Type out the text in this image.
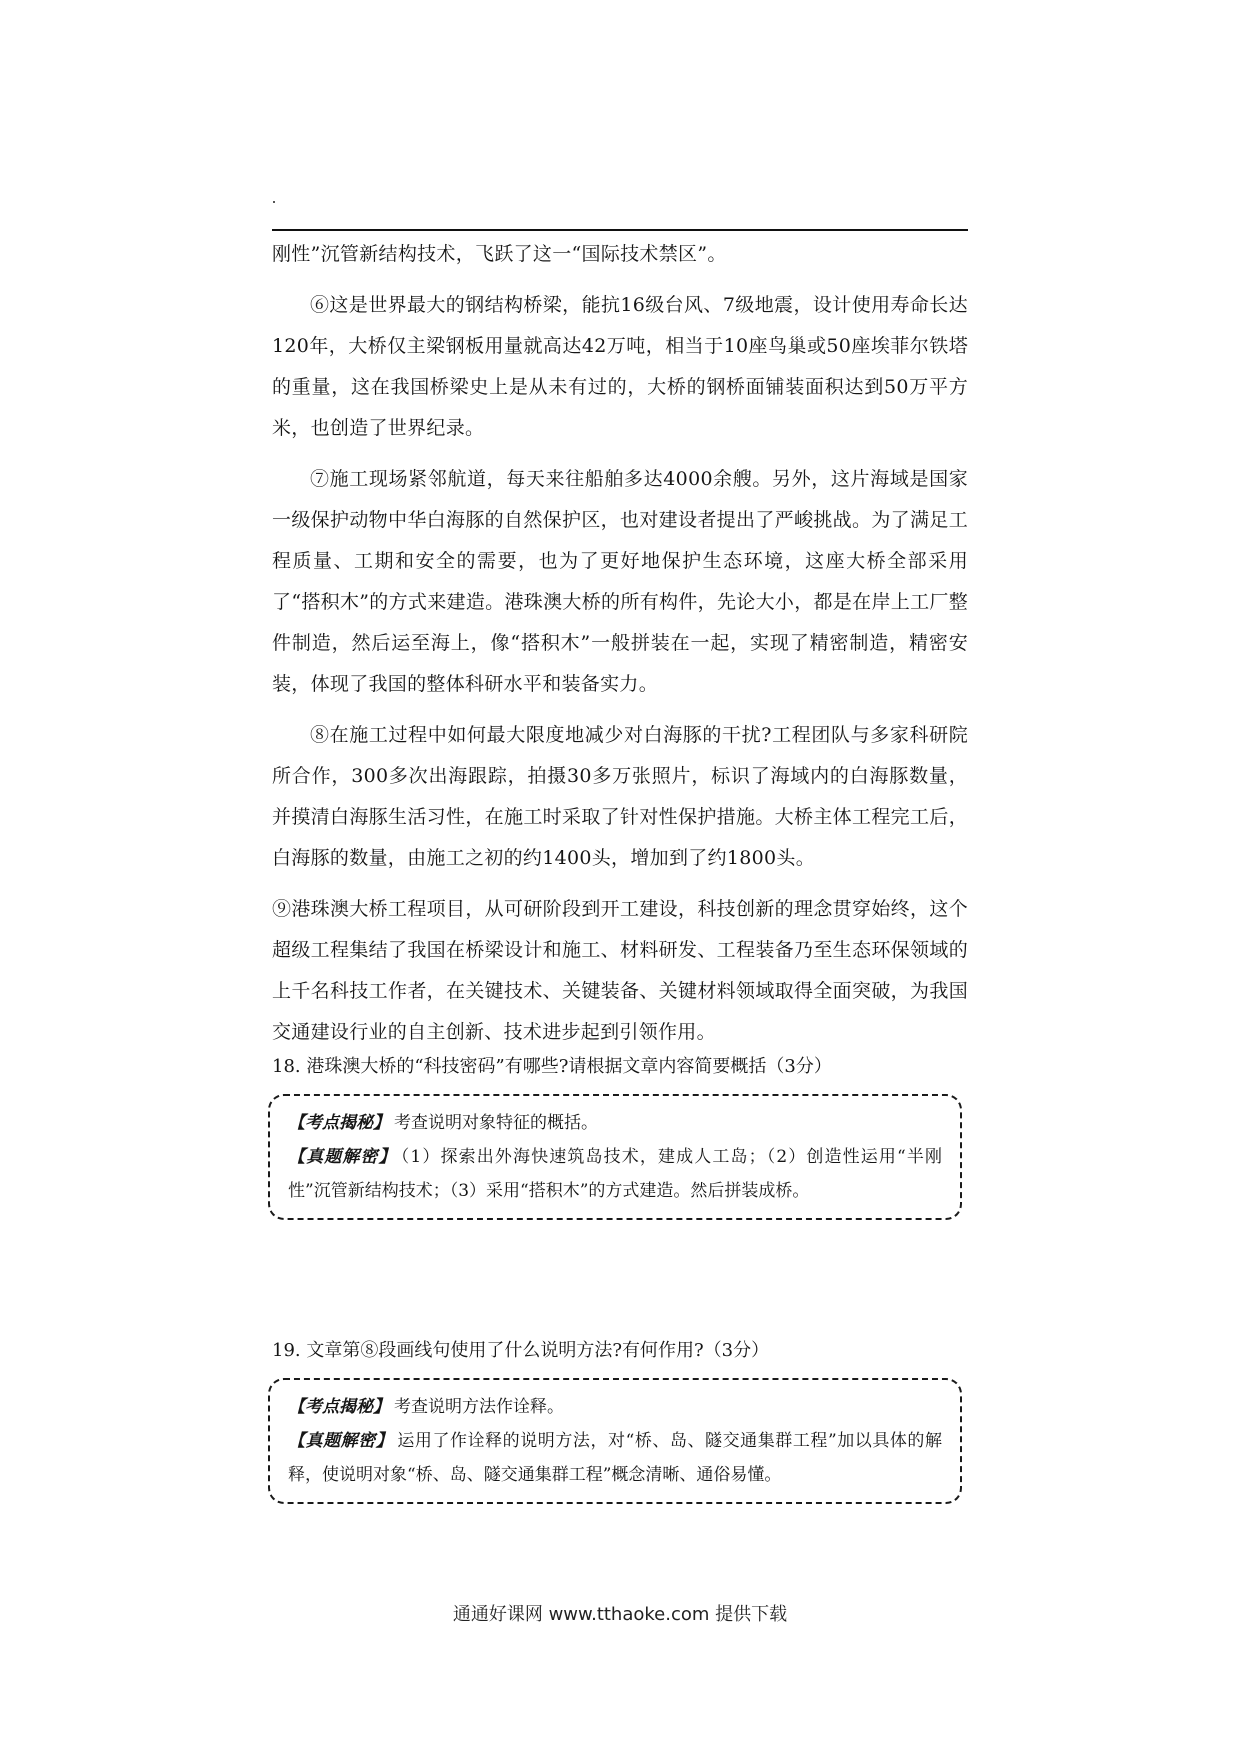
刚性”沉管新结构技术，飞跃了这一“国际技术禁区”。

⑥这是世界最大的钢结构桥梁，能抗16级台风、7级地震，设计使用寿命长达120年，大桥仅主梁钢板用量就高达42万吨，相当于10座鸟巢或50座埃菲尔铁塔的重量，这在我国桥梁史上是从未有过的，大桥的钢桥面铺装面积达到50万平方米，也创造了世界纪录。

⑦施工现场紧邻航道，每天来往船舶多达4000余艘。另外，这片海域是国家一级保护动物中华白海豚的自然保护区，也对建设者提出了严峻挑战。为了满足工程质量、工期和安全的需要，也为了更好地保护生态环境，这座大桥全部采用了“搭积木”的方式来建造。港珠澳大桥的所有构件，先论大小，都是在岸上工厂整件制造，然后运至海上，像“搭积木”一般拼装在一起，实现了精密制造，精密安装，体现了我国的整体科研水平和装备实力。

⑧在施工过程中如何最大限度地减少对白海豚的干扰?工程团队与多家科研院所合作，300多次出海跟踪，拍摄30多万张照片，标识了海域内的白海豚数量，并摸清白海豚生活习性，在施工时采取了针对性保护措施。大桥主体工程完工后，白海豚的数量，由施工之初的约1400头，增加到了约1800头。

⑨港珠澳大桥工程项目，从可研阶段到开工建设，科技创新的理念贯穿始终，这个超级工程集结了我国在桥梁设计和施工、材料研发、工程装备乃至生态环保领域的上千名科技工作者，在关键技术、关键装备、关键材料领域取得全面突破，为我国交通建设行业的自主创新、技术进步起到引领作用。

18. 港珠澳大桥的“科技密码”有哪些?请根据文章内容简要概括（3分）

【考点揭秘】 考查说明对象特征的概括。

【真题解密】 （1）探索出外海快速筑岛技术，建成人工岛；（2）创造性运用“半刚性”沉管新结构技术；（3）采用“搭积木”的方式建造。然后拼装成桥。

19. 文章第⑧段画线句使用了什么说明方法?有何作用?（3分）

【考点揭秘】 考查说明方法作诠释。

【真题解密】 运用了作诠释的说明方法，对“桥、岛、隧交通集群工程”加以具体的解释，使说明对象“桥、岛、隧交通集群工程”概念清晰、通俗易懂。

通通好课网 www.tthaoke.com 提供下载
